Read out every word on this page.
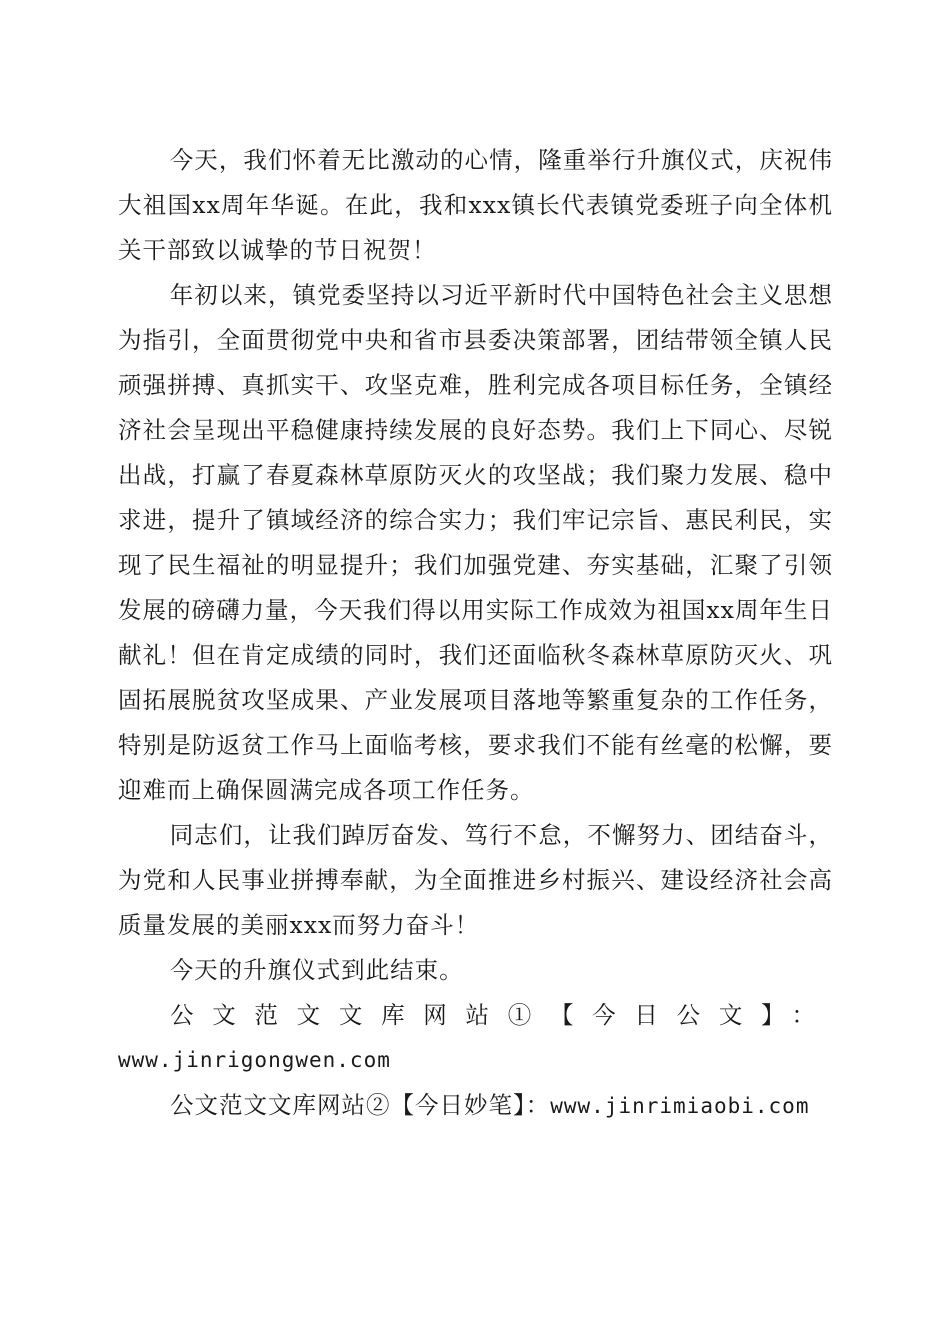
今天，我们怀着无比激动的心情，隆重举行升旗仪式，庆祝伟大祖国xx周年华诞。在此，我和xxx镇长代表镇党委班子向全体机关干部致以诚挚的节日祝贺！

年初以来，镇党委坚持以习近平新时代中国特色社会主义思想为指引，全面贯彻党中央和省市县委决策部署，团结带领全镇人民顽强拼搏、真抓实干、攻坚克难，胜利完成各项目标任务，全镇经济社会呈现出平稳健康持续发展的良好态势。我们上下同心、尽锐出战，打赢了春夏森林草原防灭火的攻坚战；我们聚力发展、稳中求进，提升了镇域经济的综合实力；我们牢记宗旨、惠民利民，实现了民生福祉的明显提升；我们加强党建、夯实基础，汇聚了引领发展的磅礴力量，今天我们得以用实际工作成效为祖国xx周年生日献礼！但在肯定成绩的同时，我们还面临秋冬森林草原防灭火、巩固拓展脱贫攻坚成果、产业发展项目落地等繁重复杂的工作任务，特别是防返贫工作马上面临考核，要求我们不能有丝毫的松懈，要迎难而上确保圆满完成各项工作任务。

同志们，让我们踔厉奋发、笃行不怠，不懈努力、团结奋斗，为党和人民事业拼搏奉献，为全面推进乡村振兴、建设经济社会高质量发展的美丽xxx而努力奋斗！

今天的升旗仪式到此结束。

公文范文文库网站①【今日公文】：
www.jinrigongwen.com
公文范文文库网站②【今日妙笔】：www.jinrimiaobi.com
